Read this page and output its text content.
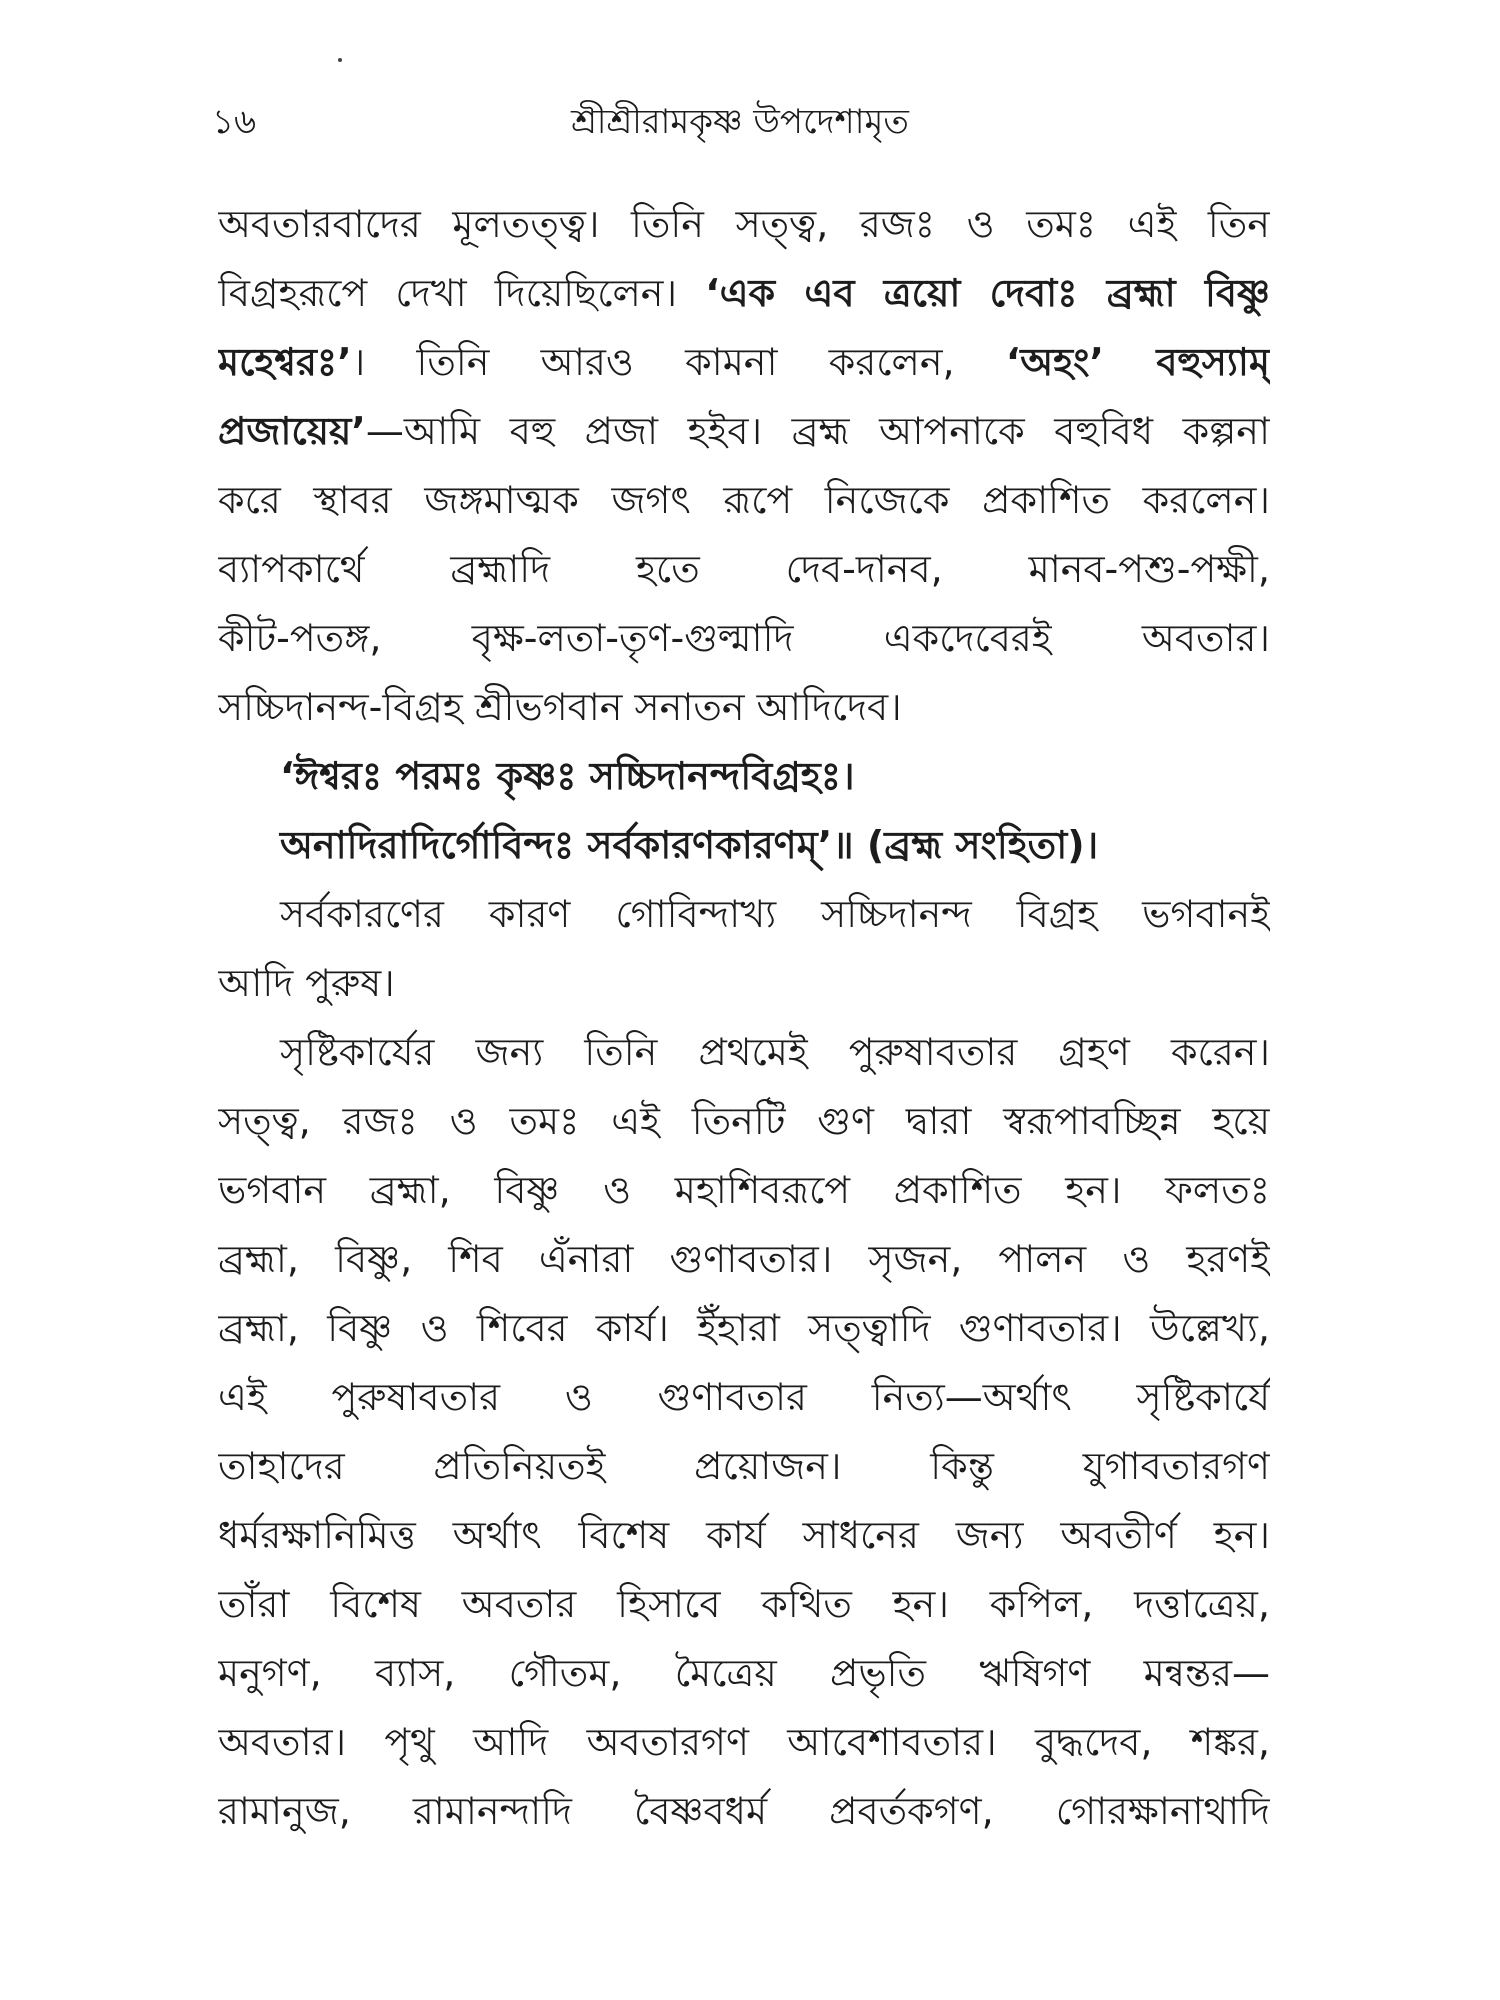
১৬	শ্রীশ্রীরামকৃষ্ণ উপদেশামৃত
অবতারবাদের মূলতত্ত্ব। তিনি সত্ত্ব, রজঃ ও তমঃ এই তিন
বিগ্রহরূপে দেখা দিয়েছিলেন। ‘এক এব ত্রয়ো দেবাঃ ব্রহ্মা বিষ্ণু
মহেশ্বরঃ’। তিনি আরও কামনা করলেন, ‘অহং’ বহুস্যাম্
প্রজায়েয়’—আমি বহু প্রজা হইব। ব্রহ্ম আপনাকে বহুবিধ কল্পনা
করে স্থাবর জঙ্গমাত্মক জগৎ রূপে নিজেকে প্রকাশিত করলেন।
ব্যাপকার্থে ব্রহ্মাদি হতে দেব-দানব, মানব-পশু-পক্ষী,
কীট-পতঙ্গ, বৃক্ষ-লতা-তৃণ-গুল্মাদি একদেবেরই অবতার।
সচ্চিদানন্দ-বিগ্রহ শ্রীভগবান সনাতন আদিদেব।
‘ঈশ্বরঃ পরমঃ কৃষ্ণঃ সচ্চিদানন্দবিগ্রহঃ।
অনাদিরাদির্গোবিন্দঃ সর্বকারণকারণম্’॥ (ব্রহ্ম সংহিতা)।
সর্বকারণের কারণ গোবিন্দাখ্য সচ্চিদানন্দ বিগ্রহ ভগবানই
আদি পুরুষ।
সৃষ্টিকার্যের জন্য তিনি প্রথমেই পুরুষাবতার গ্রহণ করেন।
সত্ত্ব, রজঃ ও তমঃ এই তিনটি গুণ দ্বারা স্বরূপাবচ্ছিন্ন হয়ে
ভগবান ব্রহ্মা, বিষ্ণু ও মহাশিবরূপে প্রকাশিত হন। ফলতঃ
ব্রহ্মা, বিষ্ণু, শিব এঁনারা গুণাবতার। সৃজন, পালন ও হরণই
ব্রহ্মা, বিষ্ণু ও শিবের কার্য। ইঁহারা সত্ত্বাদি গুণাবতার। উল্লেখ্য,
এই পুরুষাবতার ও গুণাবতার নিত্য—অর্থাৎ সৃষ্টিকার্যে
তাহাদের প্রতিনিয়তই প্রয়োজন। কিন্তু যুগাবতারগণ
ধর্মরক্ষানিমিত্ত অর্থাৎ বিশেষ কার্য সাধনের জন্য অবতীর্ণ হন।
তাঁরা বিশেষ অবতার হিসাবে কথিত হন। কপিল, দত্তাত্রেয়,
মনুগণ, ব্যাস, গৌতম, মৈত্রেয় প্রভৃতি ঋষিগণ মন্বন্তর—
অবতার। পৃথু আদি অবতারগণ আবেশাবতার। বুদ্ধদেব, শঙ্কর,
রামানুজ, রামানন্দাদি বৈষ্ণবধর্ম প্রবর্তকগণ, গোরক্ষানাথাদি
